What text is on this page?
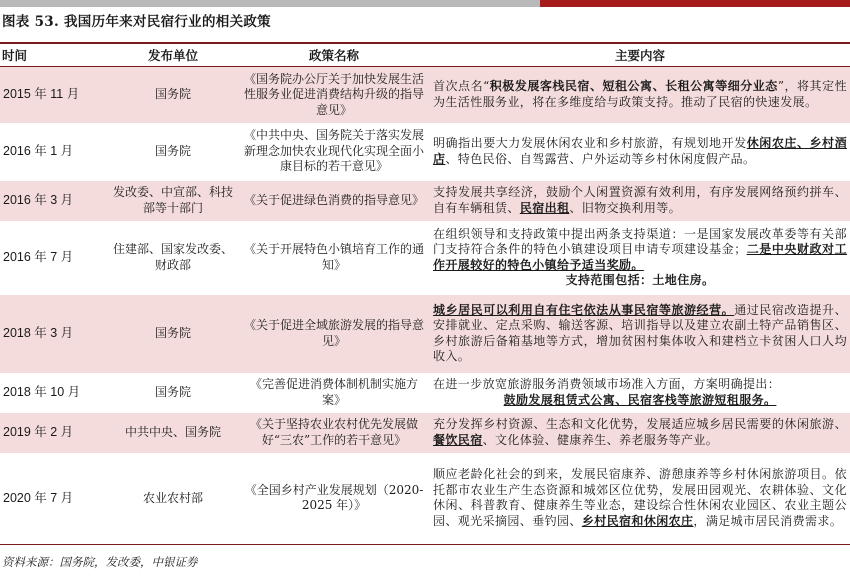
图表 53. 我国历年来对民宿行业的相关政策
时间	发布单位	政策名称	主要内容
2015 年 11 月	国务院	《国务院办公厅关于加快发展生活性服务业促进消费结构升级的指导意见》	首次点名“积极发展客栈民宿、短租公寓、长租公寓等细分业态”，将其定性为生活性服务业，将在多维度给与政策支持。推动了民宿的快速发展。
2016 年 1 月	国务院	《中共中央、国务院关于落实发展新理念加快农业现代化实现全面小康目标的若干意见》	明确指出要大力发展休闲农业和乡村旅游，有规划地开发休闲农庄、乡村酒店、特色民俗、自驾露营、户外运动等乡村休闲度假产品。
2016 年 3 月	发改委、中宣部、科技部等十部门	《关于促进绿色消费的指导意见》	支持发展共享经济，鼓励个人闲置资源有效利用，有序发展网络预约拼车、自有车辆租赁、民宿出租、旧物交换利用等。
2016 年 7 月	住建部、国家发改委、财政部	《关于开展特色小镇培育工作的通知》	在组织领导和支持政策中提出两条支持渠道：一是国家发展改革委等有关部门支持符合条件的特色小镇建设项目申请专项建设基金；二是中央财政对工作开展较好的特色小镇给予适当奖励。

支持范围包括：土地住房。

2018 年 3 月	国务院	《关于促进全域旅游发展的指导意见》	城乡居民可以利用自有住宅依法从事民宿等旅游经营。通过民宿改造提升、安排就业、定点采购、输送客源、培训指导以及建立农副土特产品销售区、乡村旅游后备箱基地等方式，增加贫困村集体收入和建档立卡贫困人口人均收入。
2018 年 10 月	国务院	《完善促进消费体制机制实施方案》	在进一步放宽旅游服务消费领域市场准入方面，方案明确提出：
鼓励发展租赁式公寓、民宿客栈等旅游短租服务。

2019 年 2 月	中共中央、国务院	《关于坚持农业农村优先发展做好“三农”工作的若干意见》	充分发挥乡村资源、生态和文化优势，发展适应城乡居民需要的休闲旅游、餐饮民宿、文化体验、健康养生、养老服务等产业。
2020 年 7 月	农业农村部	《全国乡村产业发展规划（2020-2025 年）》	顺应老龄化社会的到来，发展民宿康养、游憩康养等乡村休闲旅游项目。依托都市农业生产生态资源和城郊区位优势，发展田园观光、农耕体验、文化休闲、科普教育、健康养生等业态，建设综合性休闲农业园区、农业主题公园、观光采摘园、垂钓园、乡村民宿和休闲农庄，满足城市居民消费需求。
资料来源：国务院，发改委，中银证券
